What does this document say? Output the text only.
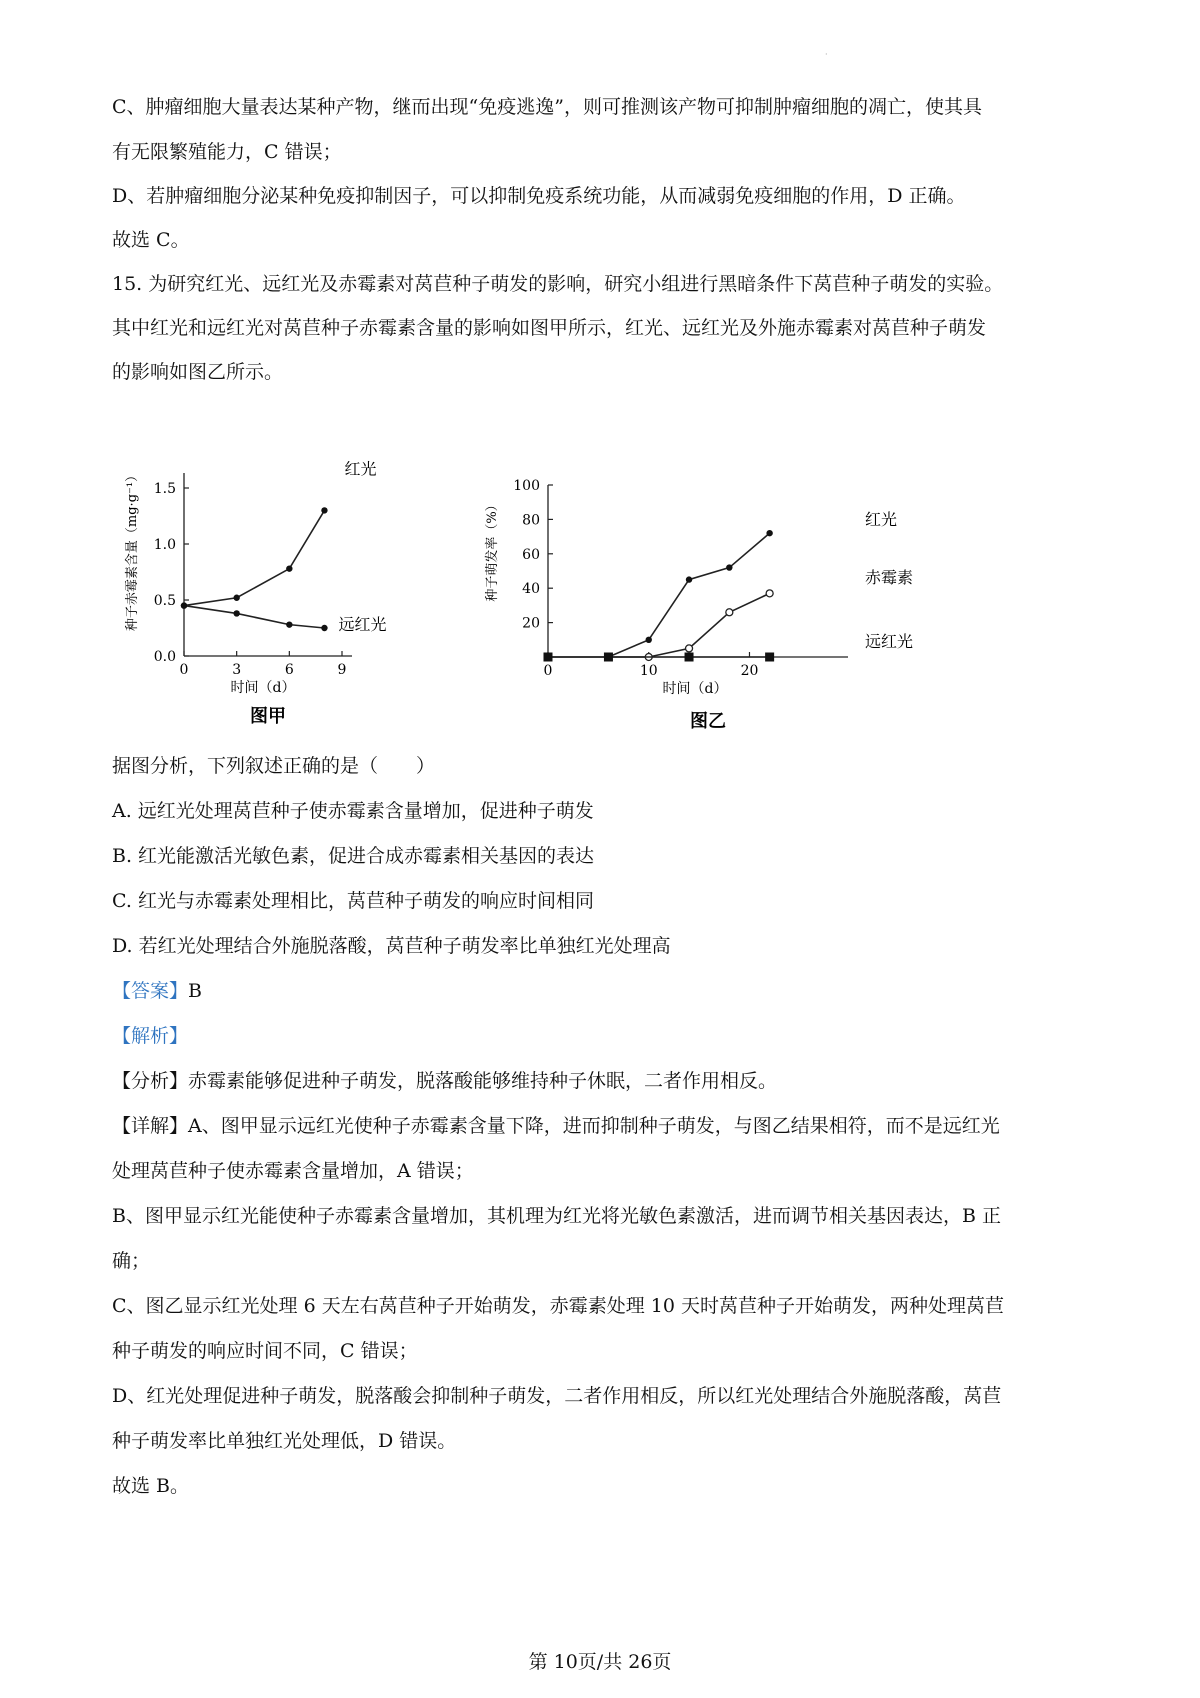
·
C、肿瘤细胞大量表达某种产物，继而出现“免疫逃逸”，则可推测该产物可抑制肿瘤细胞的凋亡，使其具
有无限繁殖能力，C 错误；
D、若肿瘤细胞分泌某种免疫抑制因子，可以抑制免疫系统功能，从而减弱免疫细胞的作用，D 正确。
故选 C。
15. 为研究红光、远红光及赤霉素对莴苣种子萌发的影响，研究小组进行黑暗条件下莴苣种子萌发的实验。
其中红光和远红光对莴苣种子赤霉素含量的影响如图甲所示，红光、远红光及外施赤霉素对莴苣种子萌发
的影响如图乙所示。
种子赤霉素含量（mg·g⁻¹）
0.0
0.5
1.0
1.5
0	3	6	9
红光
远红光
时间（d）
图甲
种子萌发率（%）
20
40
60
80
100
0	10	20
红光
赤霉素
远红光
时间（d）
图乙
据图分析，下列叙述正确的是（　　）
A. 远红光处理莴苣种子使赤霉素含量增加，促进种子萌发
B. 红光能激活光敏色素，促进合成赤霉素相关基因的表达
C. 红光与赤霉素处理相比，莴苣种子萌发的响应时间相同
D. 若红光处理结合外施脱落酸，莴苣种子萌发率比单独红光处理高
【答案】B
【解析】
【分析】赤霉素能够促进种子萌发，脱落酸能够维持种子休眠，二者作用相反。
【详解】A、图甲显示远红光使种子赤霉素含量下降，进而抑制种子萌发，与图乙结果相符，而不是远红光
处理莴苣种子使赤霉素含量增加，A 错误；
B、图甲显示红光能使种子赤霉素含量增加，其机理为红光将光敏色素激活，进而调节相关基因表达，B 正
确；
C、图乙显示红光处理 6 天左右莴苣种子开始萌发，赤霉素处理 10 天时莴苣种子开始萌发，两种处理莴苣
种子萌发的响应时间不同，C 错误；
D、红光处理促进种子萌发，脱落酸会抑制种子萌发，二者作用相反，所以红光处理结合外施脱落酸，莴苣
种子萌发率比单独红光处理低，D 错误。
故选 B。
第 10页/共 26页
